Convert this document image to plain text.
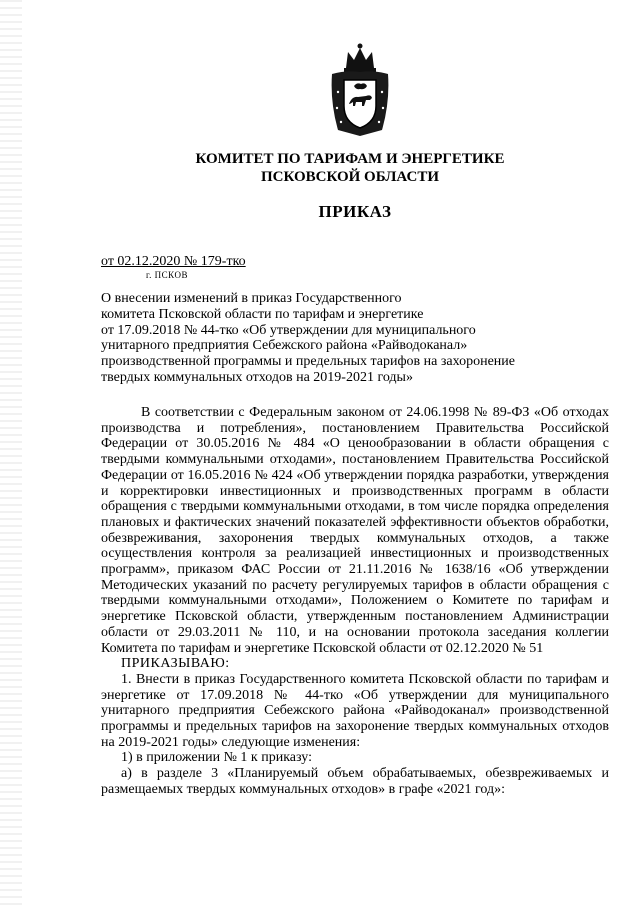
КОМИТЕТ ПО ТАРИФАМ И ЭНЕРГЕТИКЕ
ПСКОВСКОЙ ОБЛАСТИ
ПРИКАЗ
от 02.12.2020 № 179-тко
г. ПСКОВ
О внесении изменений в приказ Государственного
комитета Псковской области по тарифам и энергетике
от 17.09.2018 № 44-тко «Об утверждении для муниципального
унитарного предприятия Себежского района «Райводоканал»
производственной программы и предельных тарифов на захоронение
твердых коммунальных отходов на 2019-2021 годы»

В соответствии с Федеральным законом от 24.06.1998 № 89-ФЗ «Об отходах производства и потребления», постановлением Правительства Российской Федерации от 30.05.2016 № 484 «О ценообразовании в области обращения с твердыми коммунальными отходами», постановлением Правительства Российской Федерации от 16.05.2016 № 424 «Об утверждении порядка разработки, утверждения и корректировки инвестиционных и производственных программ в области обращения с твердыми коммунальными отходами, в том числе порядка определения плановых и фактических значений показателей эффективности объектов обработки, обезвреживания, захоронения твердых коммунальных отходов, а также осуществления контроля за реализацией инвестиционных и производственных программ», приказом ФАС России от 21.11.2016 № 1638/16 «Об утверждении Методических указаний по расчету регулируемых тарифов в области обращения с твердыми коммунальными отходами», Положением о Комитете по тарифам и энергетике Псковской области, утвержденным постановлением Администрации области от 29.03.2011 № 110, и на основании протокола заседания коллегии Комитета по тарифам и энергетике Псковской области от 02.12.2020 № 51

ПРИКАЗЫВАЮ:

1. Внести в приказ Государственного комитета Псковской области по тарифам и энергетике от 17.09.2018 № 44-тко «Об утверждении для муниципального унитарного предприятия Себежского района «Райводоканал» производственной программы и предельных тарифов на захоронение твердых коммунальных отходов на 2019-2021 годы» следующие изменения:

1) в приложении № 1 к приказу:

а) в разделе 3 «Планируемый объем обрабатываемых, обезвреживаемых и размещаемых твердых коммунальных отходов» в графе «2021 год»:
